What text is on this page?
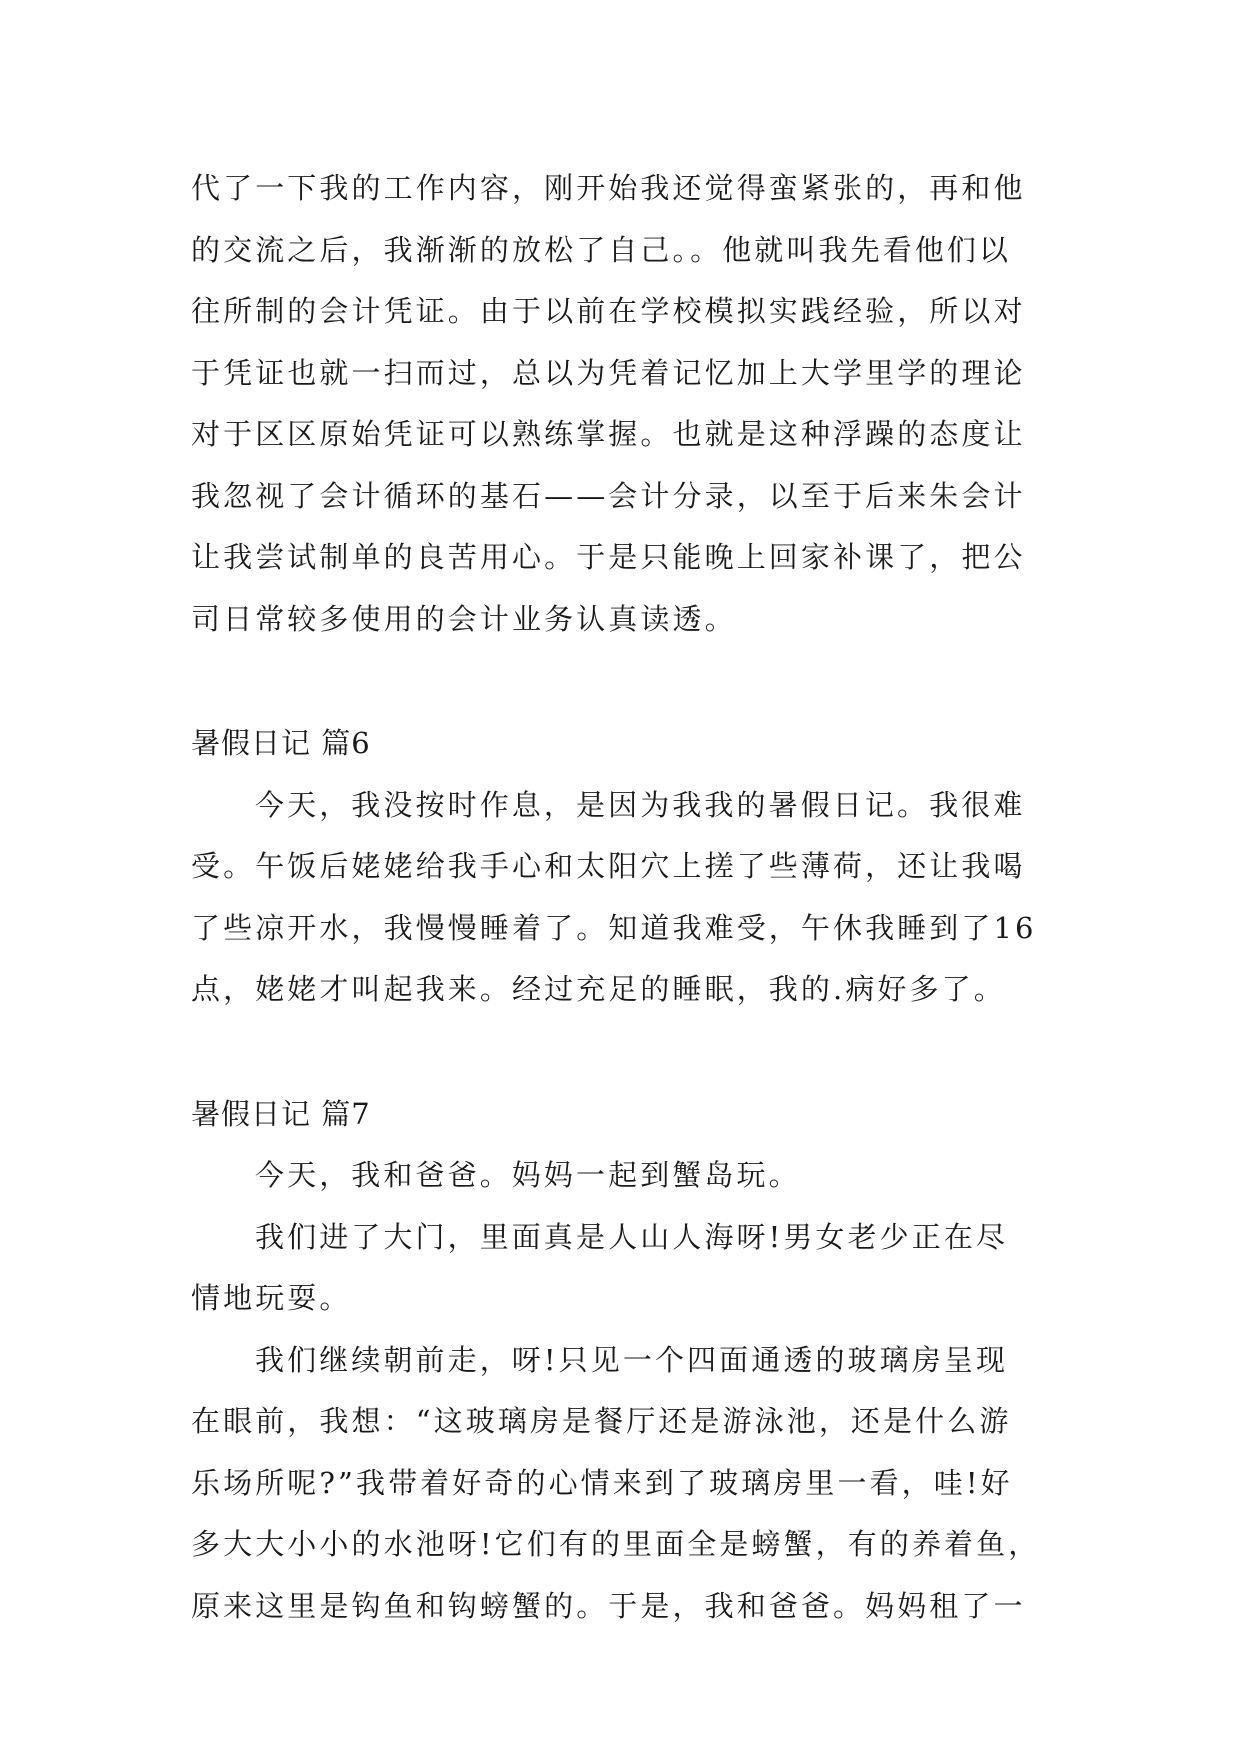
代了一下我的工作内容，刚开始我还觉得蛮紧张的，再和他
的交流之后，我渐渐的放松了自己。。他就叫我先看他们以
往所制的会计凭证。由于以前在学校模拟实践经验，所以对
于凭证也就一扫而过，总以为凭着记忆加上大学里学的理论
对于区区原始凭证可以熟练掌握。也就是这种浮躁的态度让
我忽视了会计循环的基石——会计分录，以至于后来朱会计
让我尝试制单的良苦用心。于是只能晚上回家补课了，把公
司日常较多使用的会计业务认真读透。
暑假日记 篇6
今天，我没按时作息，是因为我我的暑假日记。我很难
受。午饭后姥姥给我手心和太阳穴上搓了些薄荷，还让我喝
了些凉开水，我慢慢睡着了。知道我难受，午休我睡到了16
点，姥姥才叫起我来。经过充足的睡眠，我的.病好多了。
暑假日记 篇7
今天，我和爸爸。妈妈一起到蟹岛玩。
我们进了大门，里面真是人山人海呀!男女老少正在尽
情地玩耍。
我们继续朝前走，呀!只见一个四面通透的玻璃房呈现
在眼前，我想：“这玻璃房是餐厅还是游泳池，还是什么游
乐场所呢?”我带着好奇的心情来到了玻璃房里一看，哇!好
多大大小小的水池呀!它们有的里面全是螃蟹，有的养着鱼，
原来这里是钩鱼和钩螃蟹的。于是，我和爸爸。妈妈租了一
